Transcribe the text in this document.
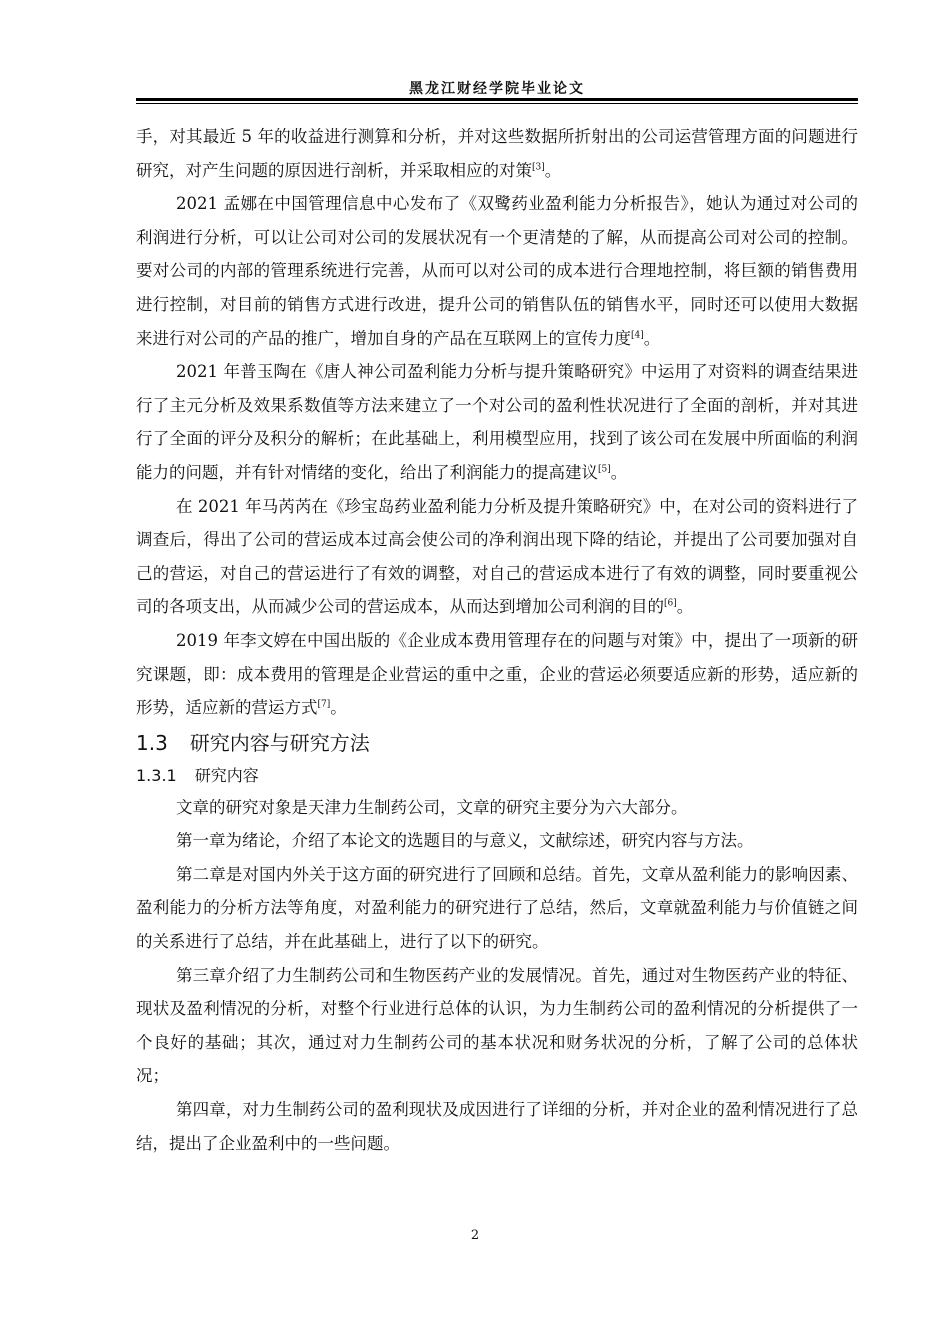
黑龙江财经学院毕业论文

手，对其最近 5 年的收益进行测算和分析，并对这些数据所折射出的公司运营管理方面的问题进行研究，对产生问题的原因进行剖析，并采取相应的对策[3]。

2021 孟娜在中国管理信息中心发布了《双鹭药业盈利能力分析报告》，她认为通过对公司的利润进行分析，可以让公司对公司的发展状况有一个更清楚的了解，从而提高公司对公司的控制。要对公司的内部的管理系统进行完善，从而可以对公司的成本进行合理地控制，将巨额的销售费用进行控制，对目前的销售方式进行改进，提升公司的销售队伍的销售水平，同时还可以使用大数据来进行对公司的产品的推广，增加自身的产品在互联网上的宣传力度[4]。

2021 年普玉陶在《唐人神公司盈利能力分析与提升策略研究》中运用了对资料的调查结果进行了主元分析及效果系数值等方法来建立了一个对公司的盈利性状况进行了全面的剖析，并对其进行了全面的评分及积分的解析；在此基础上，利用模型应用，找到了该公司在发展中所面临的利润能力的问题，并有针对情绪的变化，给出了利润能力的提高建议[5]。

在 2021 年马芮芮在《珍宝岛药业盈利能力分析及提升策略研究》中，在对公司的资料进行了调查后，得出了公司的营运成本过高会使公司的净利润出现下降的结论，并提出了公司要加强对自己的营运，对自己的营运进行了有效的调整，对自己的营运成本进行了有效的调整，同时要重视公司的各项支出，从而减少公司的营运成本，从而达到增加公司利润的目的[6]。

2019 年李文婷在中国出版的《企业成本费用管理存在的问题与对策》中，提出了一项新的研究课题，即：成本费用的管理是企业营运的重中之重，企业的营运必须要适应新的形势，适应新的形势，适应新的营运方式[7]。

1.3 研究内容与研究方法
1.3.1 研究内容

文章的研究对象是天津力生制药公司，文章的研究主要分为六大部分。

第一章为绪论，介绍了本论文的选题目的与意义，文献综述，研究内容与方法。

第二章是对国内外关于这方面的研究进行了回顾和总结。首先，文章从盈利能力的影响因素、盈利能力的分析方法等角度，对盈利能力的研究进行了总结，然后，文章就盈利能力与价值链之间的关系进行了总结，并在此基础上，进行了以下的研究。

第三章介绍了力生制药公司和生物医药产业的发展情况。首先，通过对生物医药产业的特征、现状及盈利情况的分析，对整个行业进行总体的认识，为力生制药公司的盈利情况的分析提供了一个良好的基础；其次，通过对力生制药公司的基本状况和财务状况的分析，了解了公司的总体状况；

第四章，对力生制药公司的盈利现状及成因进行了详细的分析，并对企业的盈利情况进行了总结，提出了企业盈利中的一些问题。

2
